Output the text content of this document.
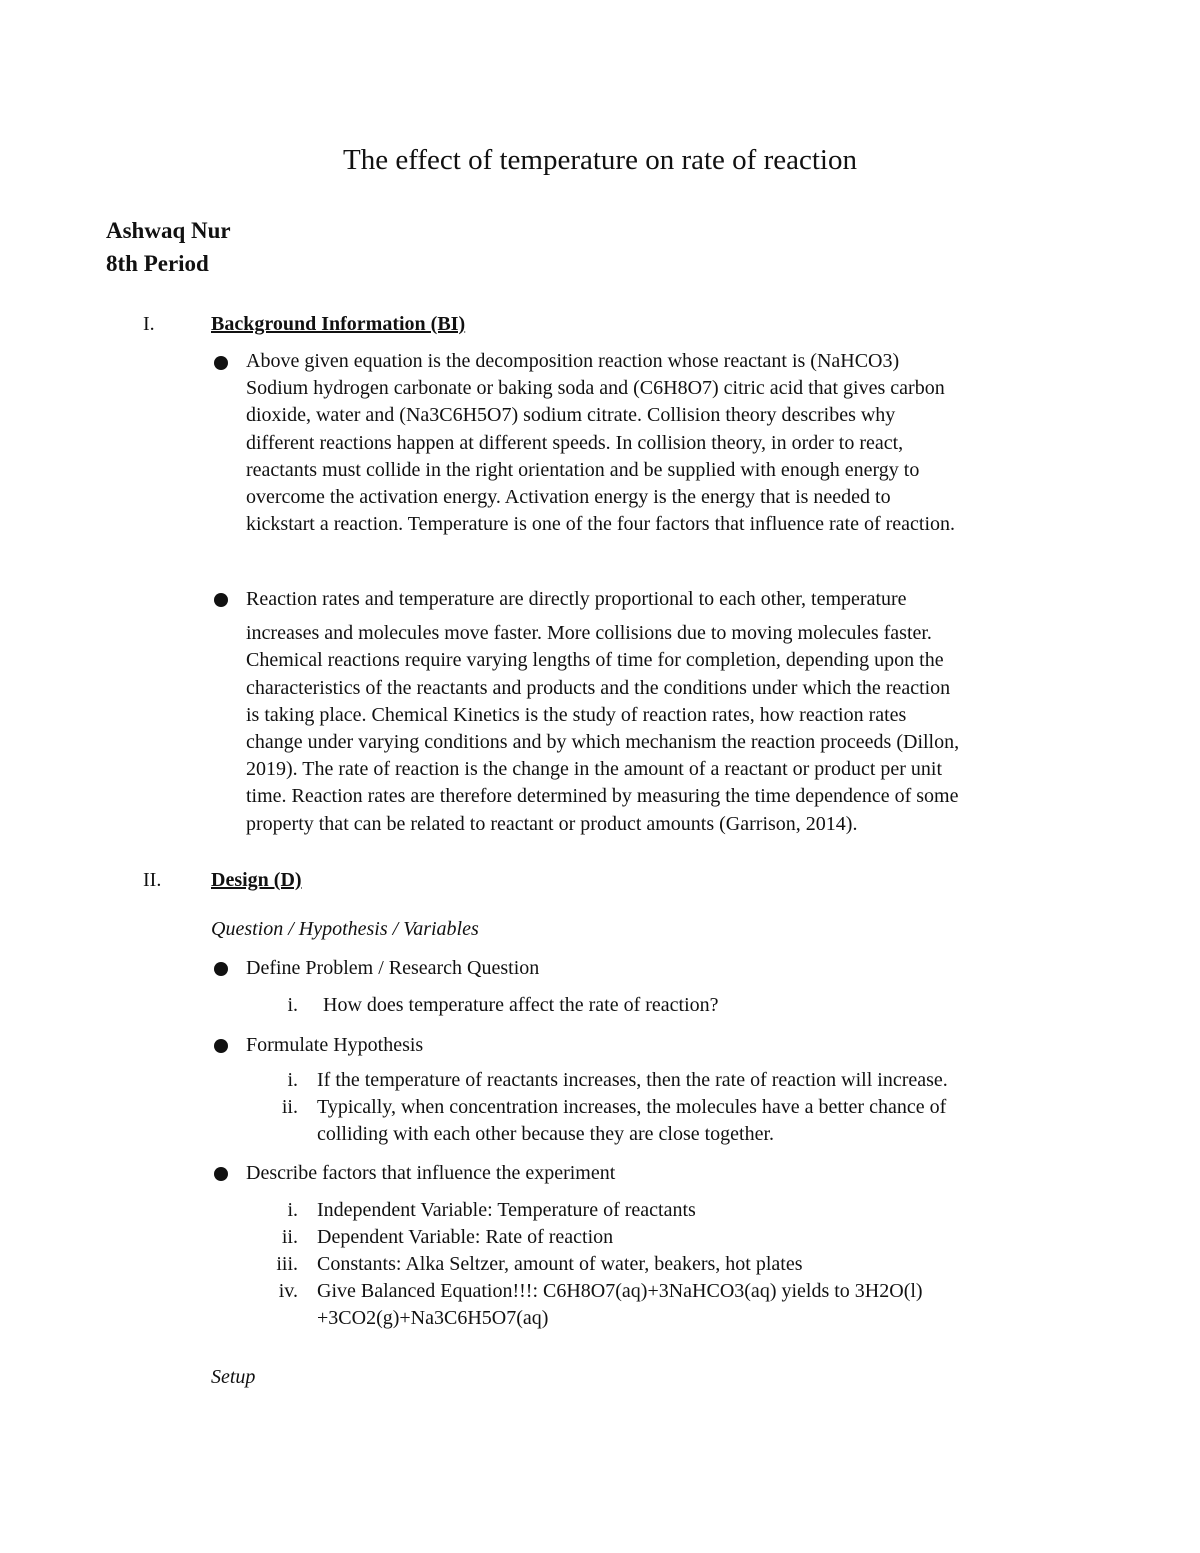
The effect of temperature on rate of reaction
Ashwaq Nur
8th Period
I.	Background Information (BI)
Above given equation is the decomposition reaction whose reactant is (NaHCO3)
Sodium hydrogen carbonate or baking soda and (C6H8O7) citric acid that gives carbon
dioxide, water and (Na3C6H5O7) sodium citrate. Collision theory describes why
different reactions happen at different speeds. In collision theory, in order to react,
reactants must collide in the right orientation and be supplied with enough energy to
overcome the activation energy. Activation energy is the energy that is needed to
kickstart a reaction. Temperature is one of the four factors that influence rate of reaction.
Reaction rates and temperature are directly proportional to each other, temperature
increases and molecules move faster. More collisions due to moving molecules faster.
Chemical reactions require varying lengths of time for completion, depending upon the
characteristics of the reactants and products and the conditions under which the reaction
is taking place. Chemical Kinetics is the study of reaction rates, how reaction rates
change under varying conditions and by which mechanism the reaction proceeds (Dillon,
2019). The rate of reaction is the change in the amount of a reactant or product per unit
time. Reaction rates are therefore determined by measuring the time dependence of some
property that can be related to reactant or product amounts (Garrison, 2014).
II. Design (D)
Question / Hypothesis / Variables
Define Problem / Research Question
i. How does temperature affect the rate of reaction?
Formulate Hypothesis
i. If the temperature of reactants increases, then the rate of reaction will increase.
ii. Typically, when concentration increases, the molecules have a better chance of
colliding with each other because they are close together.
Describe factors that influence the experiment
i. Independent Variable: Temperature of reactants
ii. Dependent Variable: Rate of reaction
iii. Constants: Alka Seltzer, amount of water, beakers, hot plates
iv. Give Balanced Equation!!!: C6H8O7(aq)+3NaHCO3(aq) yields to 3H2O(l)
+3CO2(g)+Na3C6H5O7(aq)
Setup
